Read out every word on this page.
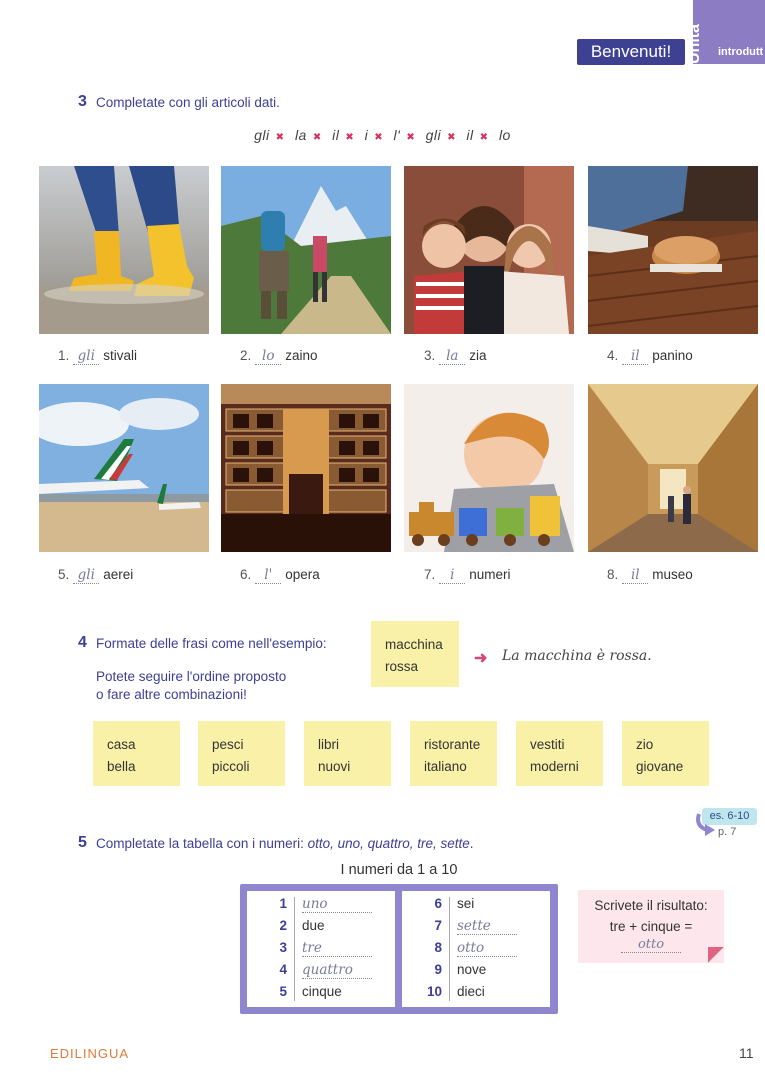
Unità	introdutt
Benvenuti!
3 Completate con gli articoli dati.
gli ✖ la ✖ il ✖ i ✖ l' ✖ gli ✖ il ✖ lo
1. gli stivali	2. lo zaino	3. la zia	4. il panino
5. gli aerei	6. l' opera	7. i numeri	8. il museo
4 Formate delle frasi come nell'esempio:
Potete seguire l'ordine proposto
o fare altre combinazioni!
macchina
rossa	➜ La macchina è rossa.
casa
bella
pesci
piccoli
libri
nuovi
ristorante
italiano
vestiti
moderni
zio
giovane
es. 6-10
p. 7
5 Completate la tabella con i numeri: otto, uno, quattro, tre, sette.
I numeri da 1 a 10
1 uno
2 due
3 tre
4 quattro
5 cinque
6 sei
7 sette
8 otto
9 nove
10 dieci
Scrivete il risultato:
tre + cinque =
otto
EDILINGUA	11
